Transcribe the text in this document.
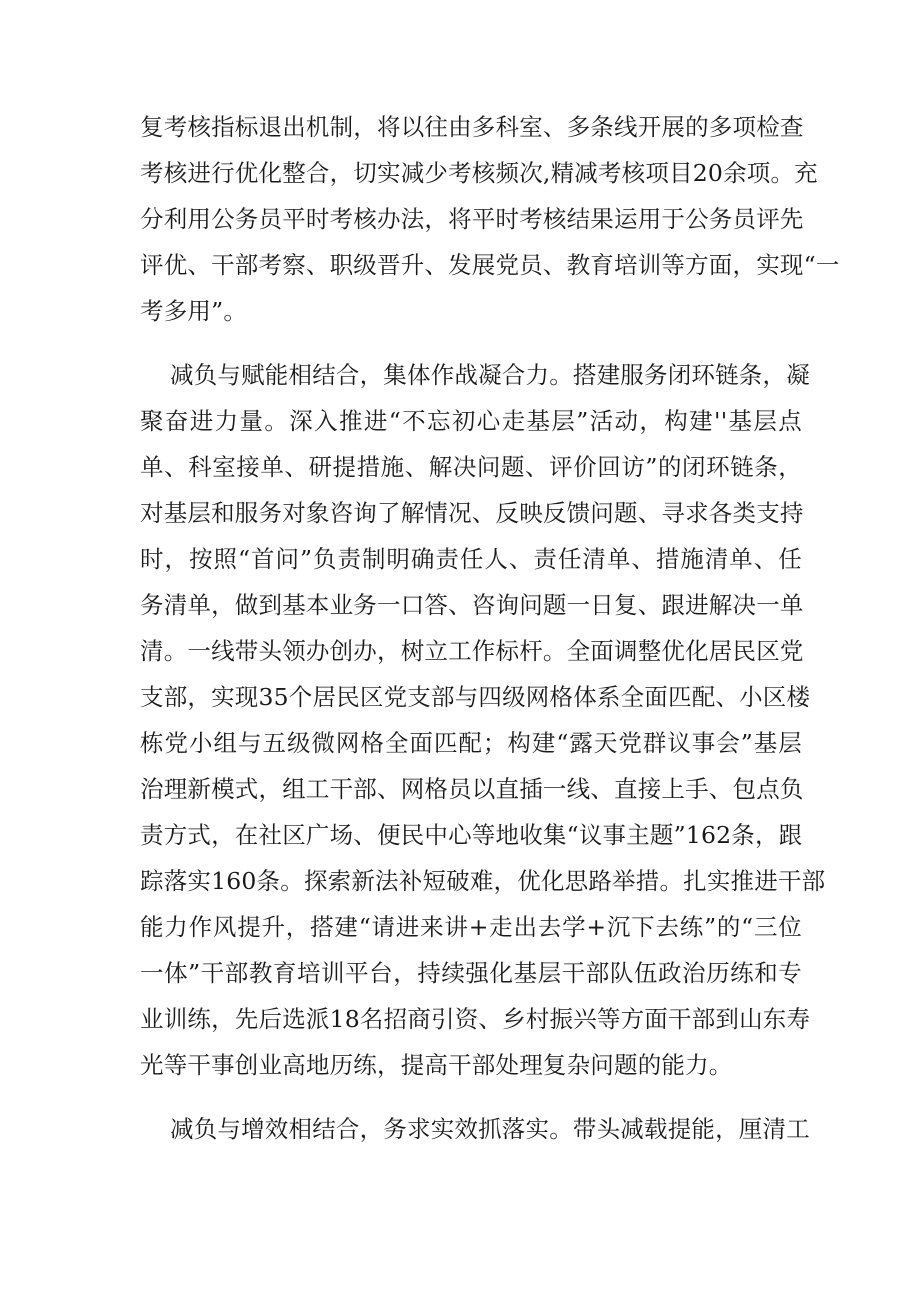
复考核指标退出机制，将以往由多科室、多条线开展的多项检查
考核进行优化整合，切实减少考核频次,精减考核项目20余项。充
分利用公务员平时考核办法，将平时考核结果运用于公务员评先
评优、干部考察、职级晋升、发展党员、教育培训等方面，实现“一
考多用”。
减负与赋能相结合，集体作战凝合力。搭建服务闭环链条，凝
聚奋进力量。深入推进“不忘初心走基层”活动，构建''基层点
单、科室接单、研提措施、解决问题、评价回访”的闭环链条，
对基层和服务对象咨询了解情况、反映反馈问题、寻求各类支持
时，按照“首问”负责制明确责任人、责任清单、措施清单、任
务清单，做到基本业务一口答、咨询问题一日复、跟进解决一单
清。一线带头领办创办，树立工作标杆。全面调整优化居民区党
支部，实现35个居民区党支部与四级网格体系全面匹配、小区楼
栋党小组与五级微网格全面匹配；构建“露天党群议事会”基层
治理新模式，组工干部、网格员以直插一线、直接上手、包点负
责方式，在社区广场、便民中心等地收集“议事主题”162条，跟
踪落实160条。探索新法补短破难，优化思路举措。扎实推进干部
能力作风提升，搭建“请进来讲+走出去学+沉下去练”的“三位
一体”干部教育培训平台，持续强化基层干部队伍政治历练和专
业训练，先后选派18名招商引资、乡村振兴等方面干部到山东寿
光等干事创业高地历练，提高干部处理复杂问题的能力。
减负与增效相结合，务求实效抓落实。带头减载提能，厘清工
